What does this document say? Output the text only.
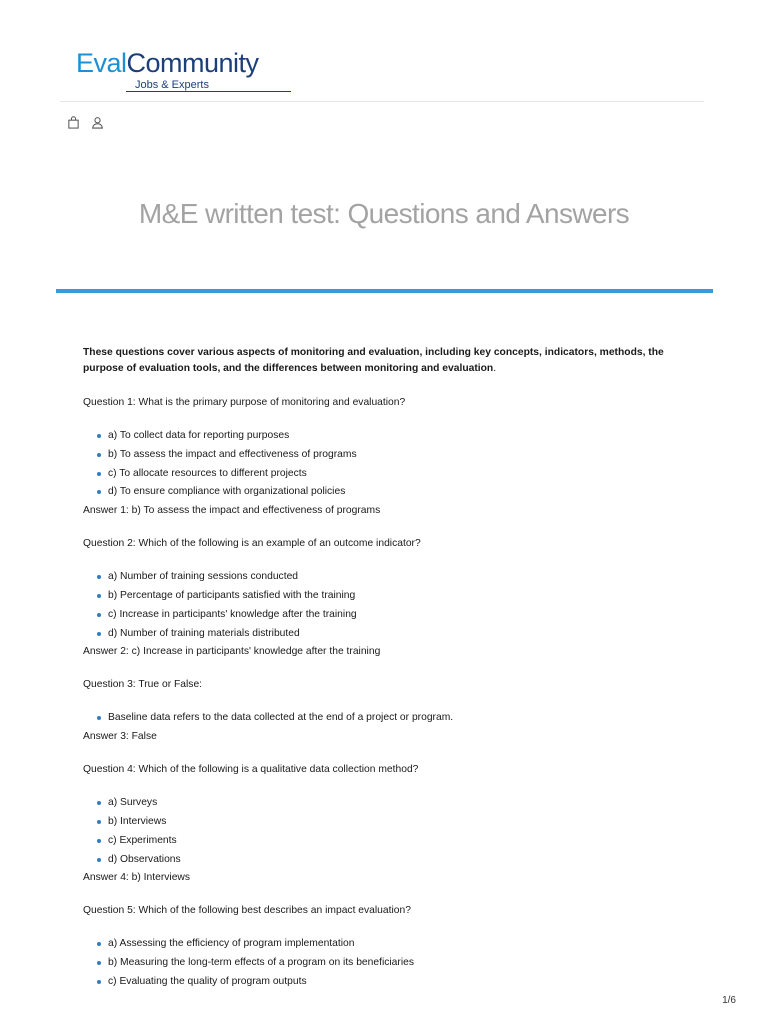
EvalCommunity
Jobs & Experts
M&E written test: Questions and Answers

These questions cover various aspects of monitoring and evaluation, including key concepts, indicators, methods, the purpose of evaluation tools, and the differences between monitoring and evaluation.

Question 1: What is the primary purpose of monitoring and evaluation?

a) To collect data for reporting purposes
b) To assess the impact and effectiveness of programs
c) To allocate resources to different projects
d) To ensure compliance with organizational policies

Answer 1: b) To assess the impact and effectiveness of programs

Question 2: Which of the following is an example of an outcome indicator?

a) Number of training sessions conducted
b) Percentage of participants satisfied with the training
c) Increase in participants' knowledge after the training
d) Number of training materials distributed

Answer 2: c) Increase in participants' knowledge after the training

Question 3: True or False:

Baseline data refers to the data collected at the end of a project or program.

Answer 3: False

Question 4: Which of the following is a qualitative data collection method?

a) Surveys
b) Interviews
c) Experiments
d) Observations

Answer 4: b) Interviews

Question 5: Which of the following best describes an impact evaluation?

a) Assessing the efficiency of program implementation
b) Measuring the long-term effects of a program on its beneficiaries
c) Evaluating the quality of program outputs
1/6
